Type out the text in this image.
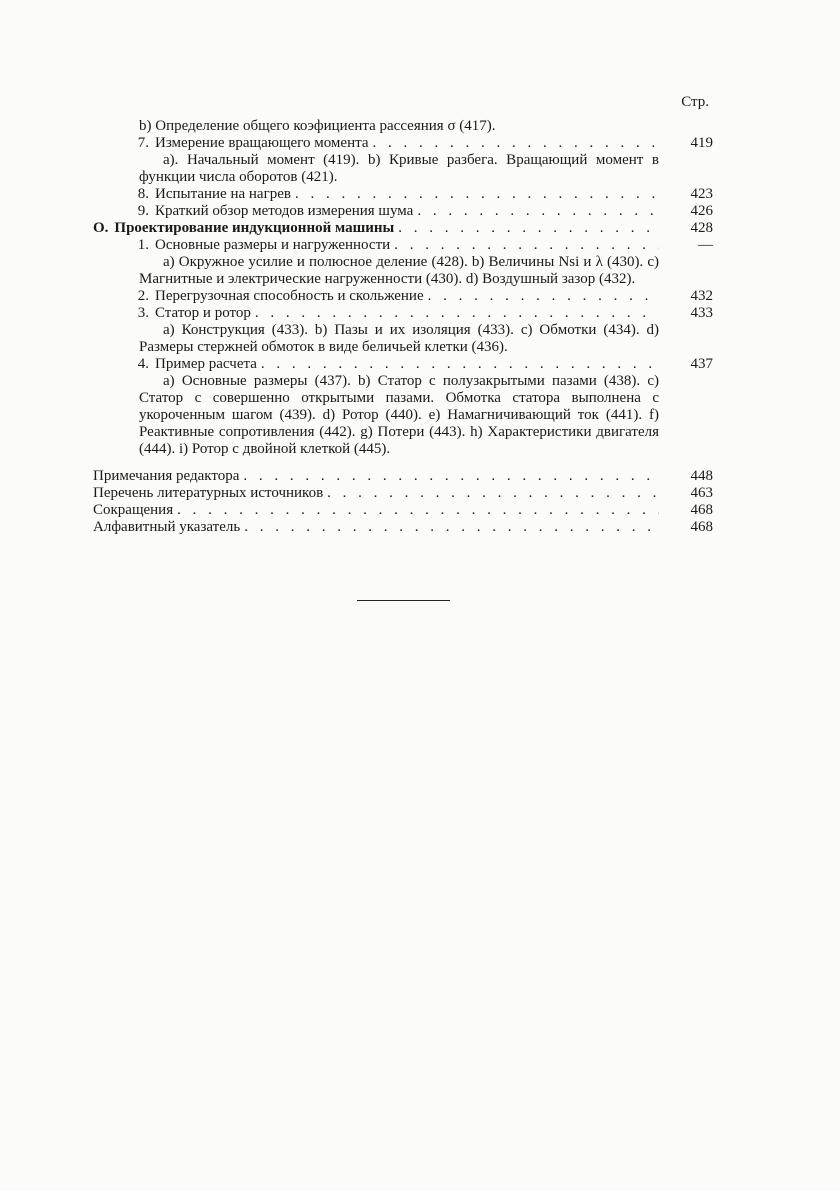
Стр.
b) Определение общего коэфициента рассеяния σ (417).
7. Измерение вращающего момента . . .	419
а). Начальный момент (419). b) Кривые разбега. Вращающий момент в функции числа оборотов (421).
8. Испытание на нагрев . . .	423
9. Краткий обзор методов измерения шума . . .	426
О. Проектирование индукционной машины . . .	428
1. Основные размеры и нагруженности . . .	—
а) Окружное усилие и полюсное деление (428). b) Величины Nsi и λ (430). c) Магнитные и электрические нагруженности (430). d) Воздушный зазор (432).
2. Перегрузочная способность и скольжение . . .	432
3. Статор и ротор . . .	433
а) Конструкция (433). b) Пазы и их изоляция (433). c) Обмотки (434). d) Размеры стержней обмоток в виде беличьей клетки (436).
4. Пример расчета . . .	437
а) Основные размеры (437). b) Статор с полузакрытыми пазами (438). c) Статор с совершенно открытыми пазами. Обмотка статора выполнена с укороченным шагом (439). d) Ротор (440). e) Намагничивающий ток (441). f) Реактивные сопротивления (442). g) Потери (443). h) Характеристики двигателя (444). i) Ротор с двойной клеткой (445).
Примечания редактора . . .	448
Перечень литературных источников . . .	463
Сокращения . . .	468
Алфавитный указатель . . .	468
